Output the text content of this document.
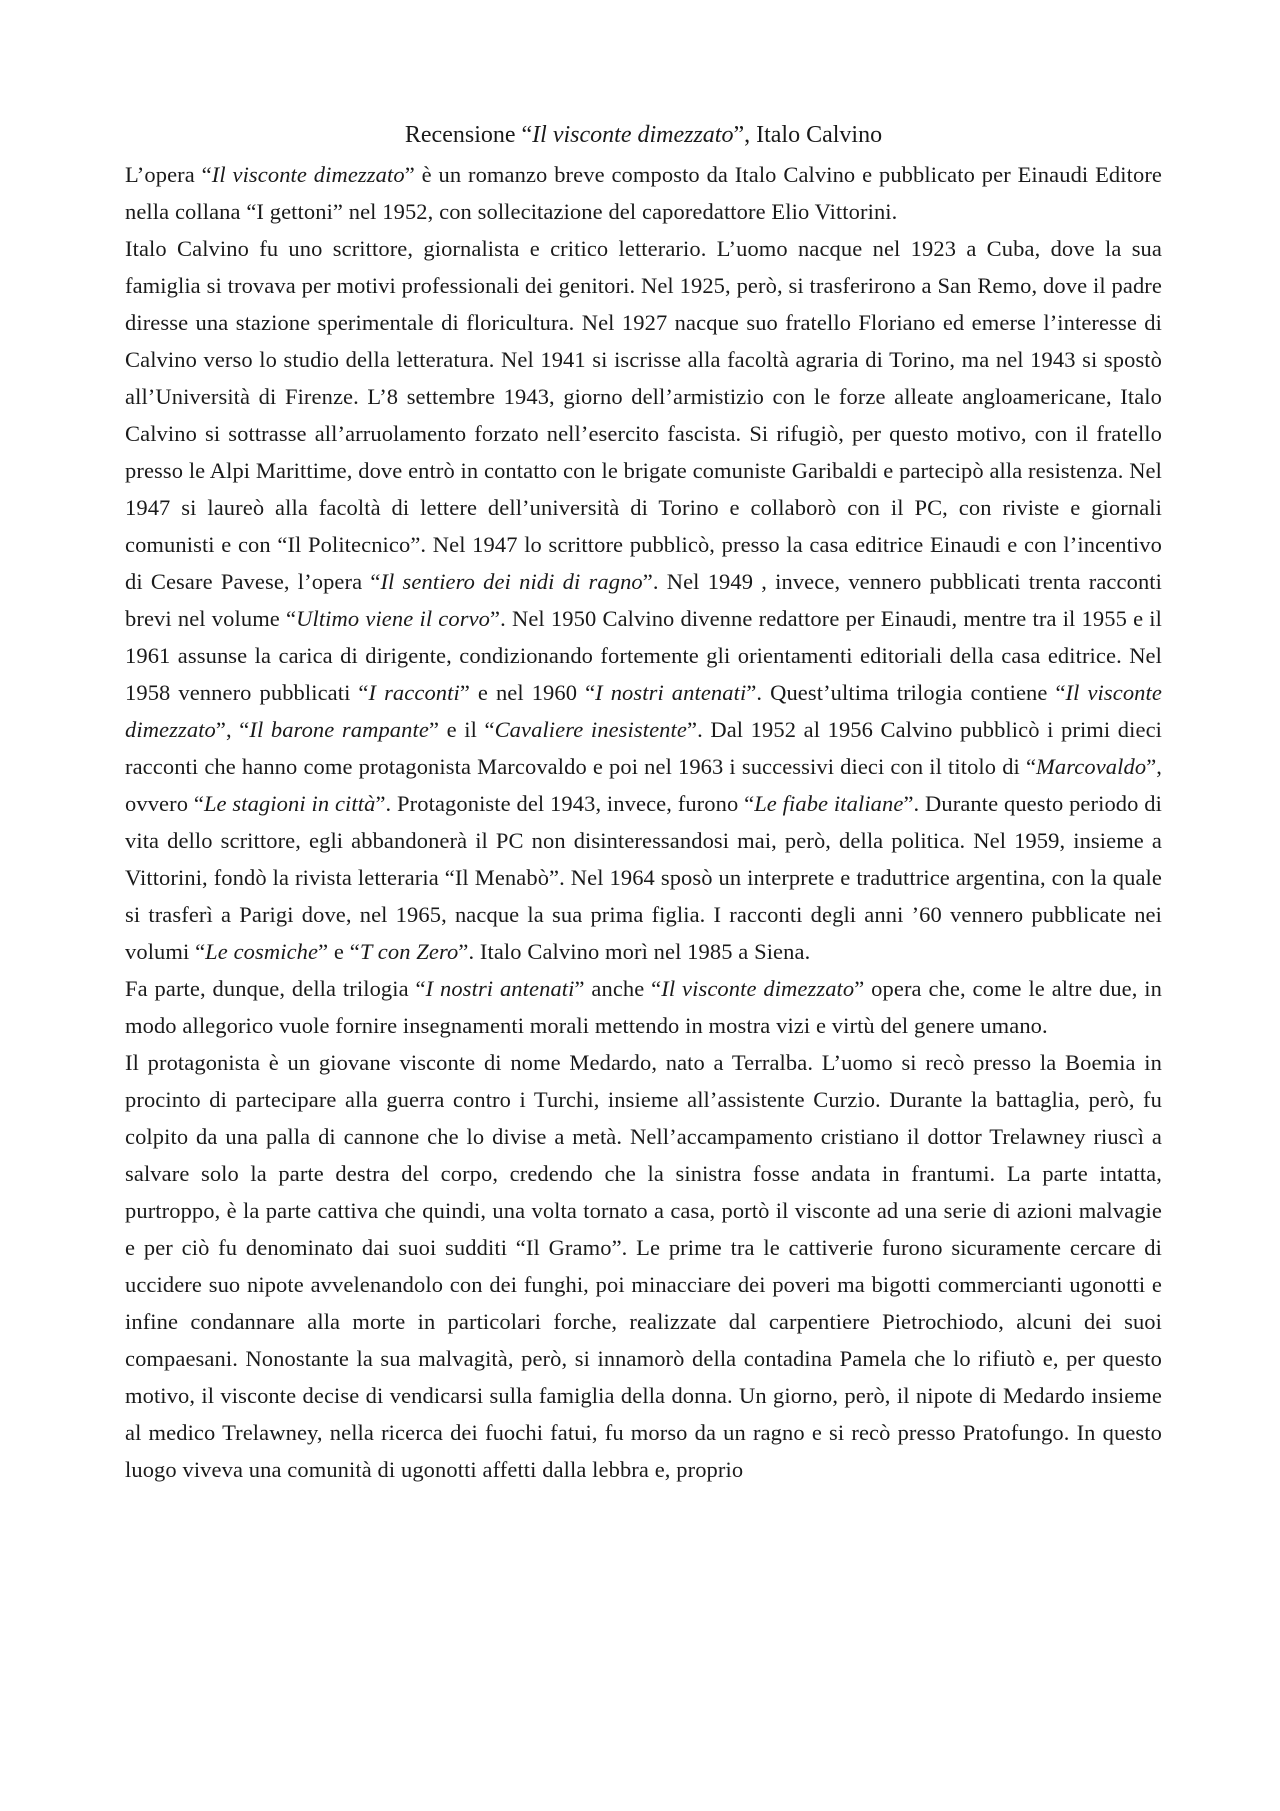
Recensione “Il visconte dimezzato”, Italo Calvino

L’opera “Il visconte dimezzato” è un romanzo breve composto da Italo Calvino e pubblicato per Einaudi Editore nella collana “I gettoni” nel 1952, con sollecitazione del caporedattore Elio Vittorini.

Italo Calvino fu uno scrittore, giornalista e critico letterario. L’uomo nacque nel 1923 a Cuba, dove la sua famiglia si trovava per motivi professionali dei genitori. Nel 1925, però, si trasferirono a San Remo, dove il padre diresse una stazione sperimentale di floricultura. Nel 1927 nacque suo fratello Floriano ed emerse l’interesse di Calvino verso lo studio della letteratura. Nel 1941 si iscrisse alla facoltà agraria di Torino, ma nel 1943 si spostò all’Università di Firenze. L’8 settembre 1943, giorno dell’armistizio con le forze alleate angloamericane, Italo Calvino si sottrasse all’arruolamento forzato nell’esercito fascista. Si rifugiò, per questo motivo, con il fratello presso le Alpi Marittime, dove entrò in contatto con le brigate comuniste Garibaldi e partecipò alla resistenza. Nel 1947 si laureò alla facoltà di lettere dell’università di Torino e collaborò con il PC, con riviste e giornali comunisti e con “Il Politecnico”. Nel 1947 lo scrittore pubblicò, presso la casa editrice Einaudi e con l’incentivo di Cesare Pavese, l’opera “Il sentiero dei nidi di ragno”. Nel 1949 , invece, vennero pubblicati trenta racconti brevi nel volume “Ultimo viene il corvo”. Nel 1950 Calvino divenne redattore per Einaudi, mentre tra il 1955 e il 1961 assunse la carica di dirigente, condizionando fortemente gli orientamenti editoriali della casa editrice. Nel 1958 vennero pubblicati “I racconti” e nel 1960 “I nostri antenati”. Quest’ultima trilogia contiene “Il visconte dimezzato”, “Il barone rampante” e il “Cavaliere inesistente”. Dal 1952 al 1956 Calvino pubblicò i primi dieci racconti che hanno come protagonista Marcovaldo e poi nel 1963 i successivi dieci con il titolo di “Marcovaldo”, ovvero “Le stagioni in città”. Protagoniste del 1943, invece, furono “Le fiabe italiane”. Durante questo periodo di vita dello scrittore, egli abbandonerà il PC non disinteressandosi mai, però, della politica. Nel 1959, insieme a Vittorini, fondò la rivista letteraria “Il Menabò”. Nel 1964 sposò un interprete e traduttrice argentina, con la quale si trasferì a Parigi dove, nel 1965, nacque la sua prima figlia. I racconti degli anni ’60 vennero pubblicate nei volumi “Le cosmiche” e “T con Zero”. Italo Calvino morì nel 1985 a Siena.

Fa parte, dunque, della trilogia “I nostri antenati” anche “Il visconte dimezzato” opera che, come le altre due, in modo allegorico vuole fornire insegnamenti morali mettendo in mostra vizi e virtù del genere umano.

Il protagonista è un giovane visconte di nome Medardo, nato a Terralba. L’uomo si recò presso la Boemia in procinto di partecipare alla guerra contro i Turchi, insieme all’assistente Curzio. Durante la battaglia, però, fu colpito da una palla di cannone che lo divise a metà. Nell’accampamento cristiano il dottor Trelawney riuscì a salvare solo la parte destra del corpo, credendo che la sinistra fosse andata in frantumi. La parte intatta, purtroppo, è la parte cattiva che quindi, una volta tornato a casa, portò il visconte ad una serie di azioni malvagie e per ciò fu denominato dai suoi sudditi “Il Gramo”. Le prime tra le cattiverie furono sicuramente cercare di uccidere suo nipote avvelenandolo con dei funghi, poi minacciare dei poveri ma bigotti commercianti ugonotti e infine condannare alla morte in particolari forche, realizzate dal carpentiere Pietrochiodo, alcuni dei suoi compaesani. Nonostante la sua malvagità, però, si innamorò della contadina Pamela che lo rifiutò e, per questo motivo, il visconte decise di vendicarsi sulla famiglia della donna. Un giorno, però, il nipote di Medardo insieme al medico Trelawney, nella ricerca dei fuochi fatui, fu morso da un ragno e si recò presso Pratofungo. In questo luogo viveva una comunità di ugonotti affetti dalla lebbra e, proprio
